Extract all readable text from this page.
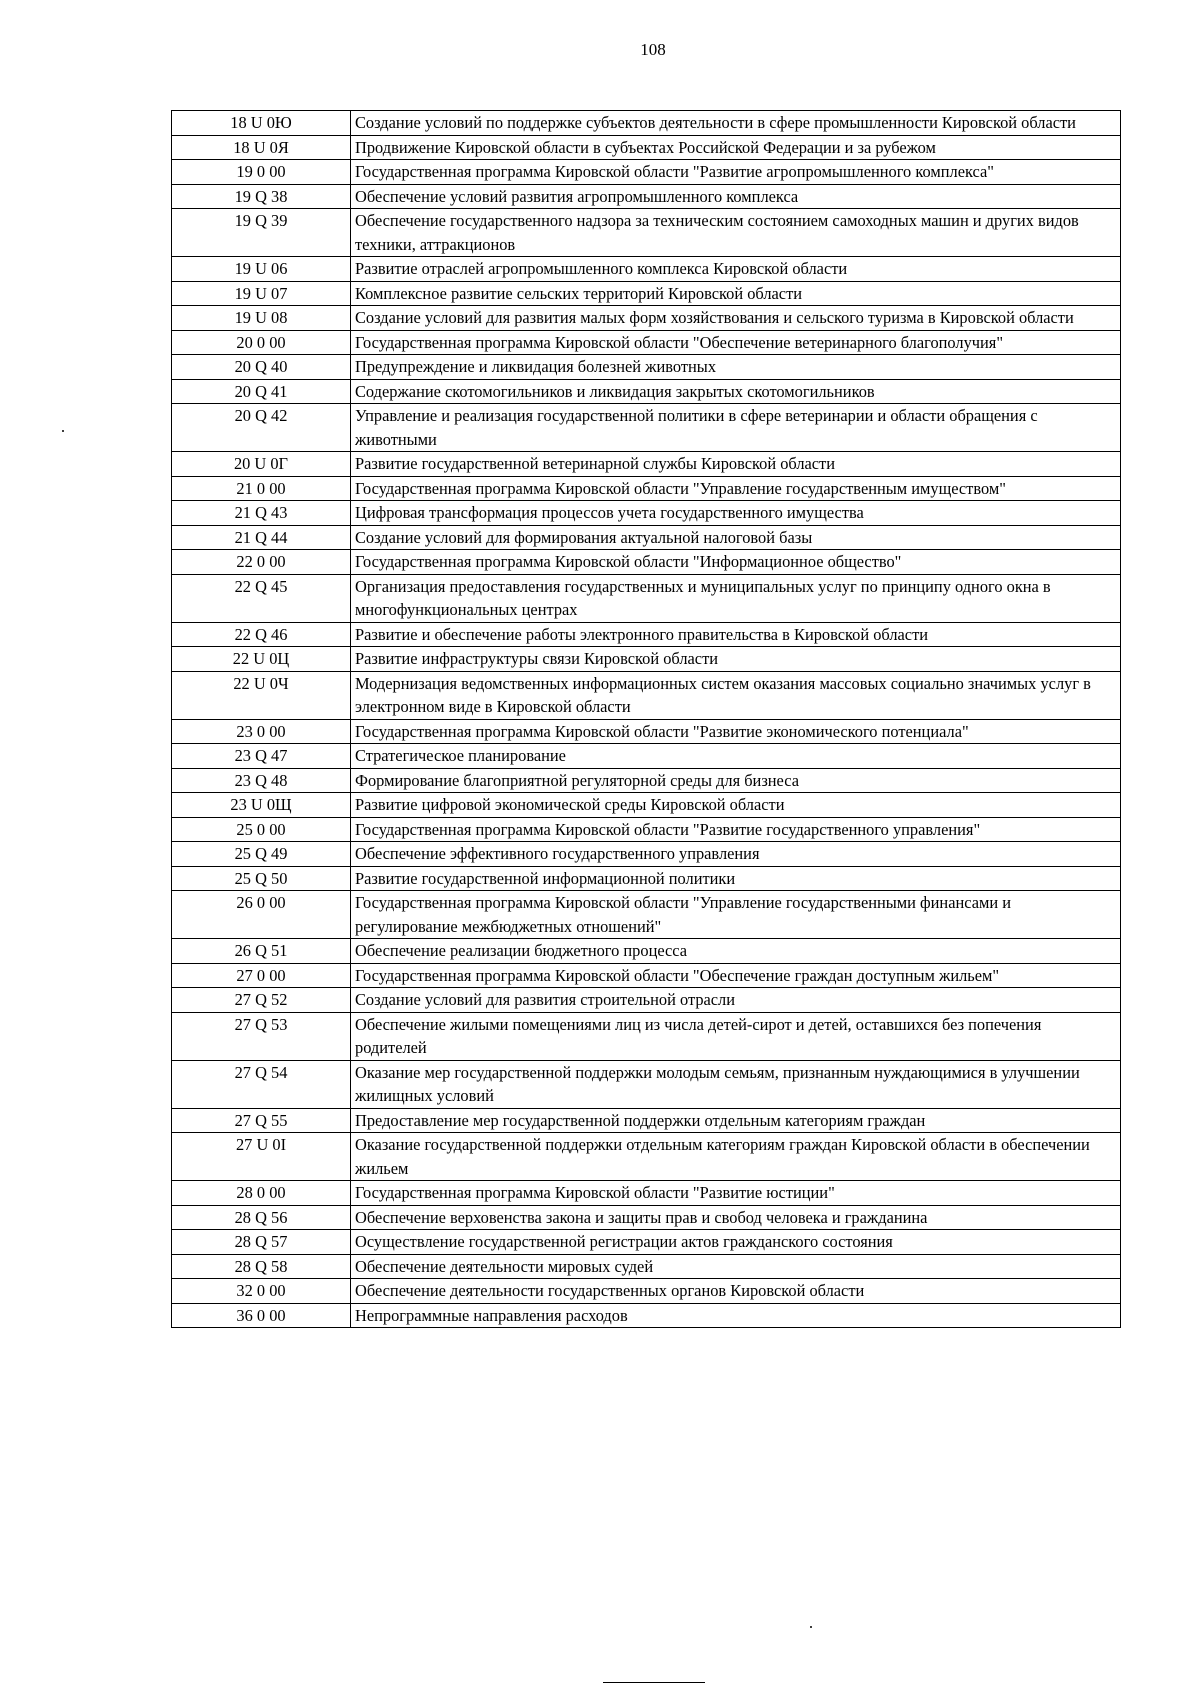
108
18 U 0Ю	Создание условий по поддержке субъектов деятельности в сфере промышленности Кировской области
18 U 0Я	Продвижение Кировской области в субъектах Российской Федерации и за рубежом
19 0 00	Государственная программа Кировской области "Развитие агропромышленного комплекса"
19 Q 38	Обеспечение условий развития агропромышленного комплекса
19 Q 39	Обеспечение государственного надзора за техническим состоянием самоходных машин и других видов техники, аттракционов
19 U 06	Развитие отраслей агропромышленного комплекса Кировской области
19 U 07	Комплексное развитие сельских территорий Кировской области
19 U 08	Создание условий для развития малых форм хозяйствования и сельского туризма в Кировской области
20 0 00	Государственная программа Кировской области "Обеспечение ветеринарного благополучия"
20 Q 40	Предупреждение и ликвидация болезней животных
20 Q 41	Содержание скотомогильников и ликвидация закрытых скотомогильников
20 Q 42	Управление и реализация государственной политики в сфере ветеринарии и области обращения с животными
20 U 0Г	Развитие государственной ветеринарной службы Кировской области
21 0 00	Государственная программа Кировской области "Управление государственным имуществом"
21 Q 43	Цифровая трансформация процессов учета государственного имущества
21 Q 44	Создание условий для формирования актуальной налоговой базы
22 0 00	Государственная программа Кировской области "Информационное общество"
22 Q 45	Организация предоставления государственных и муниципальных услуг по принципу одного окна в многофункциональных центрах
22 Q 46	Развитие и обеспечение работы электронного правительства в Кировской области
22 U 0Ц	Развитие инфраструктуры связи Кировской области
22 U 0Ч	Модернизация ведомственных информационных систем оказания массовых социально значимых услуг в электронном виде в Кировской области
23 0 00	Государственная программа Кировской области "Развитие экономического потенциала"
23 Q 47	Стратегическое планирование
23 Q 48	Формирование благоприятной регуляторной среды для бизнеса
23 U 0Щ	Развитие цифровой экономической среды Кировской области
25 0 00	Государственная программа Кировской области "Развитие государственного управления"
25 Q 49	Обеспечение эффективного государственного управления
25 Q 50	Развитие государственной информационной политики
26 0 00	Государственная программа Кировской области "Управление государственными финансами и регулирование межбюджетных отношений"
26 Q 51	Обеспечение реализации бюджетного процесса
27 0 00	Государственная программа Кировской области "Обеспечение граждан доступным жильем"
27 Q 52	Создание условий для развития строительной отрасли
27 Q 53	Обеспечение жилыми помещениями лиц из числа детей-сирот и детей, оставшихся без попечения родителей
27 Q 54	Оказание мер государственной поддержки молодым семьям, признанным нуждающимися в улучшении жилищных условий
27 Q 55	Предоставление мер государственной поддержки отдельным категориям граждан
27 U 0I	Оказание государственной поддержки отдельным категориям граждан Кировской области в обеспечении жильем
28 0 00	Государственная программа Кировской области "Развитие юстиции"
28 Q 56	Обеспечение верховенства закона и защиты прав и свобод человека и гражданина
28 Q 57	Осуществление государственной регистрации актов гражданского состояния
28 Q 58	Обеспечение деятельности мировых судей
32 0 00	Обеспечение деятельности государственных органов Кировской области
36 0 00	Непрограммные направления расходов
